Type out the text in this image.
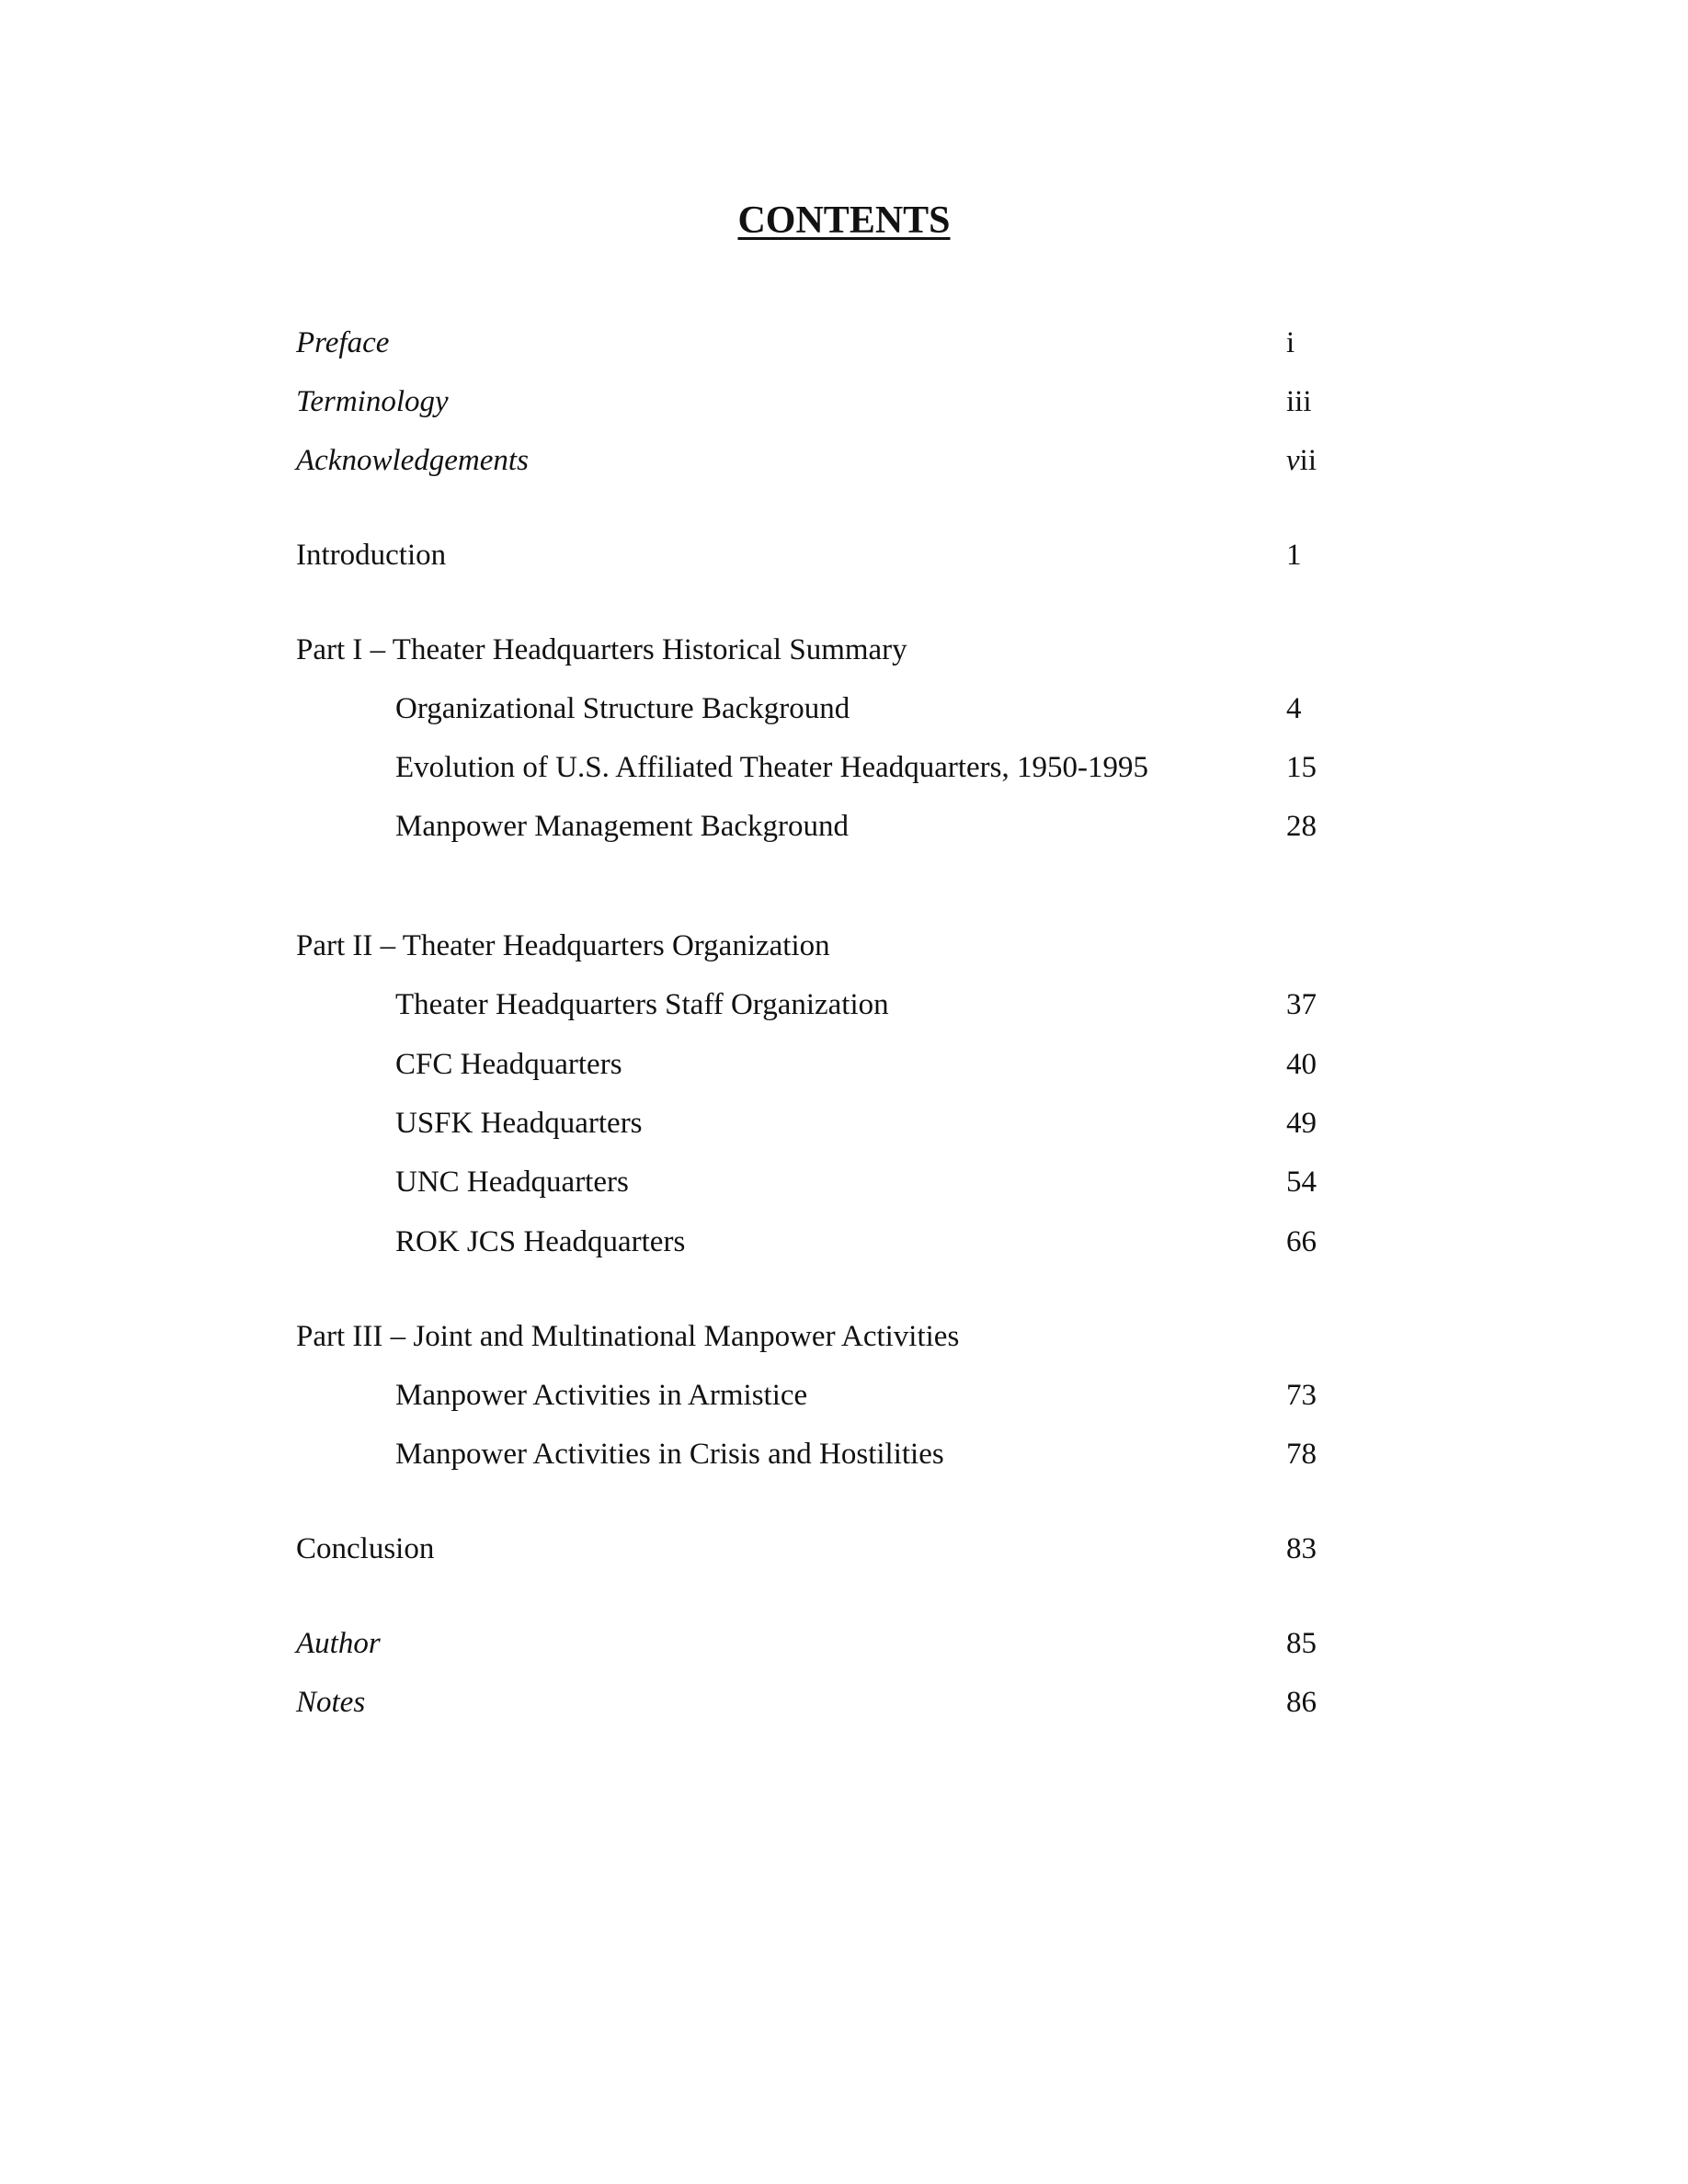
CONTENTS
Preface	i
Terminology	iii
Acknowledgements	vii
Introduction	1
Part I – Theater Headquarters Historical Summary
Organizational Structure Background	4
Evolution of U.S. Affiliated Theater Headquarters, 1950-1995	15
Manpower Management Background	28
Part II – Theater Headquarters Organization
Theater Headquarters Staff Organization	37
CFC Headquarters	40
USFK Headquarters	49
UNC Headquarters	54
ROK JCS Headquarters	66
Part III – Joint and Multinational Manpower Activities
Manpower Activities in Armistice	73
Manpower Activities in Crisis and Hostilities	78
Conclusion	83
Author	85
Notes	86
